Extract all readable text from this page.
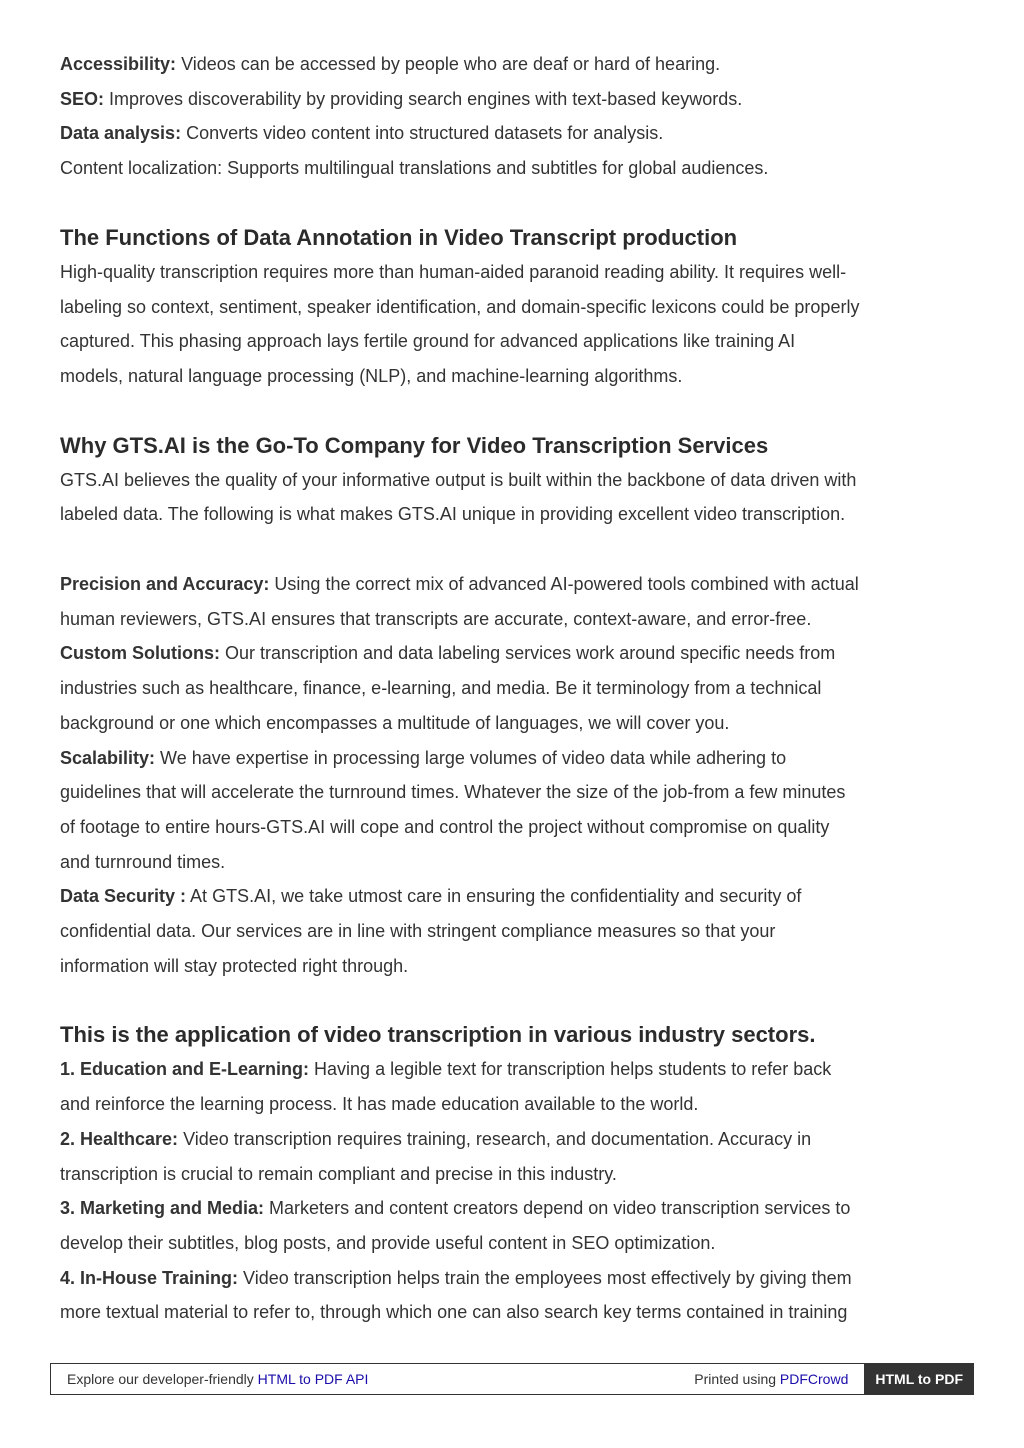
Accessibility: Videos can be accessed by people who are deaf or hard of hearing.
SEO: Improves discoverability by providing search engines with text-based keywords.
Data analysis: Converts video content into structured datasets for analysis.
Content localization: Supports multilingual translations and subtitles for global audiences.
The Functions of Data Annotation in Video Transcript production
High-quality transcription requires more than human-aided paranoid reading ability. It requires well-
labeling so context, sentiment, speaker identification, and domain-specific lexicons could be properly
captured. This phasing approach lays fertile ground for advanced applications like training AI
models, natural language processing (NLP), and machine-learning algorithms.
Why GTS.AI is the Go-To Company for Video Transcription Services
GTS.AI believes the quality of your informative output is built within the backbone of data driven with
labeled data. The following is what makes GTS.AI unique in providing excellent video transcription.
Precision and Accuracy: Using the correct mix of advanced AI-powered tools combined with actual
human reviewers, GTS.AI ensures that transcripts are accurate, context-aware, and error-free.
Custom Solutions: Our transcription and data labeling services work around specific needs from
industries such as healthcare, finance, e-learning, and media. Be it terminology from a technical
background or one which encompasses a multitude of languages, we will cover you.
Scalability: We have expertise in processing large volumes of video data while adhering to
guidelines that will accelerate the turnround times. Whatever the size of the job-from a few minutes
of footage to entire hours-GTS.AI will cope and control the project without compromise on quality
and turnround times.
Data Security : At GTS.AI, we take utmost care in ensuring the confidentiality and security of
confidential data. Our services are in line with stringent compliance measures so that your
information will stay protected right through.
This is the application of video transcription in various industry sectors.
1. Education and E-Learning: Having a legible text for transcription helps students to refer back
and reinforce the learning process. It has made education available to the world.
2. Healthcare: Video transcription requires training, research, and documentation. Accuracy in
transcription is crucial to remain compliant and precise in this industry.
3. Marketing and Media: Marketers and content creators depend on video transcription services to
develop their subtitles, blog posts, and provide useful content in SEO optimization.
4. In-House Training: Video transcription helps train the employees most effectively by giving them
more textual material to refer to, through which one can also search key terms contained in training
Explore our developer-friendly HTML to PDF API	Printed using PDFCrowd	HTML to PDF
